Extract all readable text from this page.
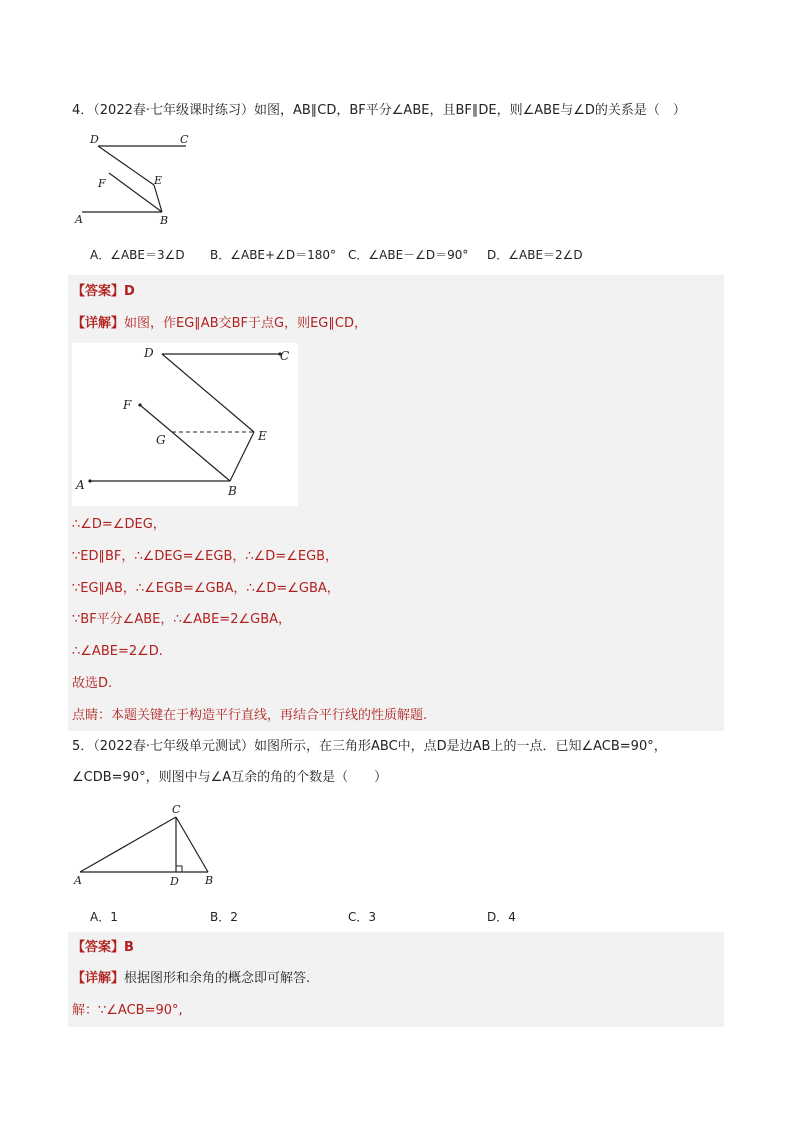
4．（2022春·七年级课时练习）如图，AB∥CD，BF平分∠ABE，且BF∥DE，则∠ABE与∠D的关系是（　）
D	C
F	E
A	B
A．∠ABE＝3∠D B．∠ABE+∠D＝180° C．∠ABE－∠D＝90° D．∠ABE＝2∠D
【答案】D
【详解】如图，作EG∥AB交BF于点G，则EG∥CD，
D	C
F
G	E
A	B
∴∠D=∠DEG，
∵ED∥BF，∴∠DEG=∠EGB，∴∠D=∠EGB，
∵EG∥AB，∴∠EGB=∠GBA，∴∠D=∠GBA，
∵BF平分∠ABE，∴∠ABE=2∠GBA，
∴∠ABE=2∠D.
故选D.
点睛：本题关键在于构造平行直线，再结合平行线的性质解题.
5．（2022春·七年级单元测试）如图所示，在三角形ABC中，点D是边AB上的一点．已知∠ACB=90°，
∠CDB=90°，则图中与∠A互余的角的个数是（　　）
C
A	D B
A．1	B．2	C．3	D．4
【答案】B
【详解】根据图形和余角的概念即可解答.
解：∵∠ACB=90°,
